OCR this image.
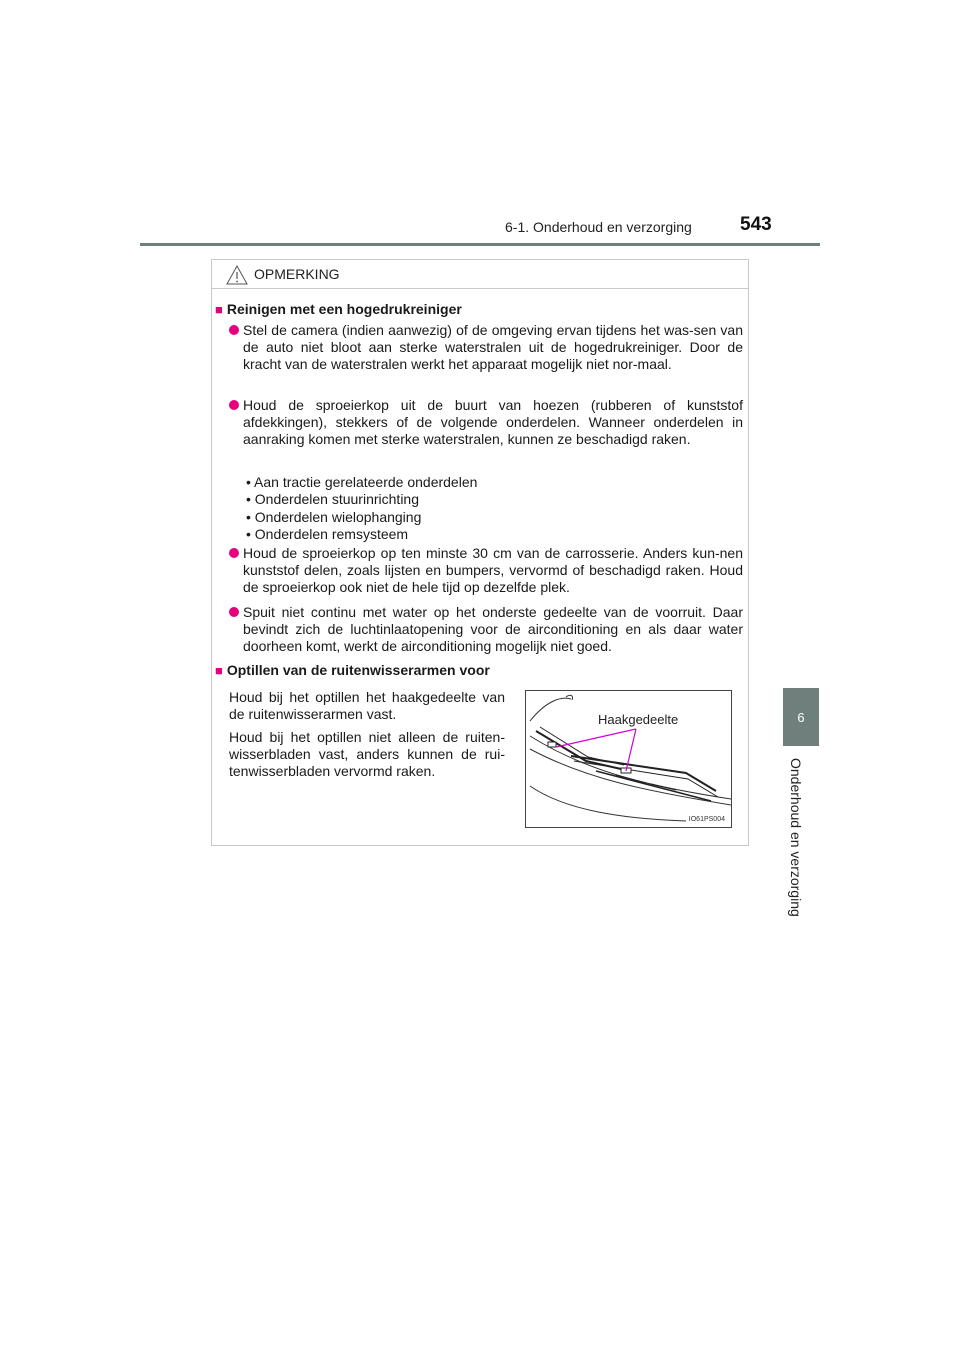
6-1. Onderhoud en verzorging	543
6
Onderhoud en verzorging
OPMERKING
■ Reinigen met een hogedrukreiniger
Stel de camera (indien aanwezig) of de omgeving ervan tijdens het was-sen van de auto niet bloot aan sterke waterstralen uit de hogedrukreiniger. Door de kracht van de waterstralen werkt het apparaat mogelijk niet nor-maal.
Houd de sproeierkop uit de buurt van hoezen (rubberen of kunststof afdekkingen), stekkers of de volgende onderdelen. Wanneer onderdelen in aanraking komen met sterke waterstralen, kunnen ze beschadigd raken.
• Aan tractie gerelateerde onderdelen
• Onderdelen stuurinrichting
• Onderdelen wielophanging
• Onderdelen remsysteem
Houd de sproeierkop op ten minste 30 cm van de carrosserie. Anders kun-nen kunststof delen, zoals lijsten en bumpers, vervormd of beschadigd raken. Houd de sproeierkop ook niet de hele tijd op dezelfde plek.
Spuit niet continu met water op het onderste gedeelte van de voorruit. Daar bevindt zich de luchtinlaatopening voor de airconditioning en als daar water doorheen komt, werkt de airconditioning mogelijk niet goed.
■ Optillen van de ruitenwisserarmen voor
Houd bij het optillen het haakgedeelte van de ruitenwisserarmen vast.
Houd bij het optillen niet alleen de ruiten-wisserbladen vast, anders kunnen de rui-tenwisserbladen vervormd raken.
Haakgedeelte
IO61PS004
